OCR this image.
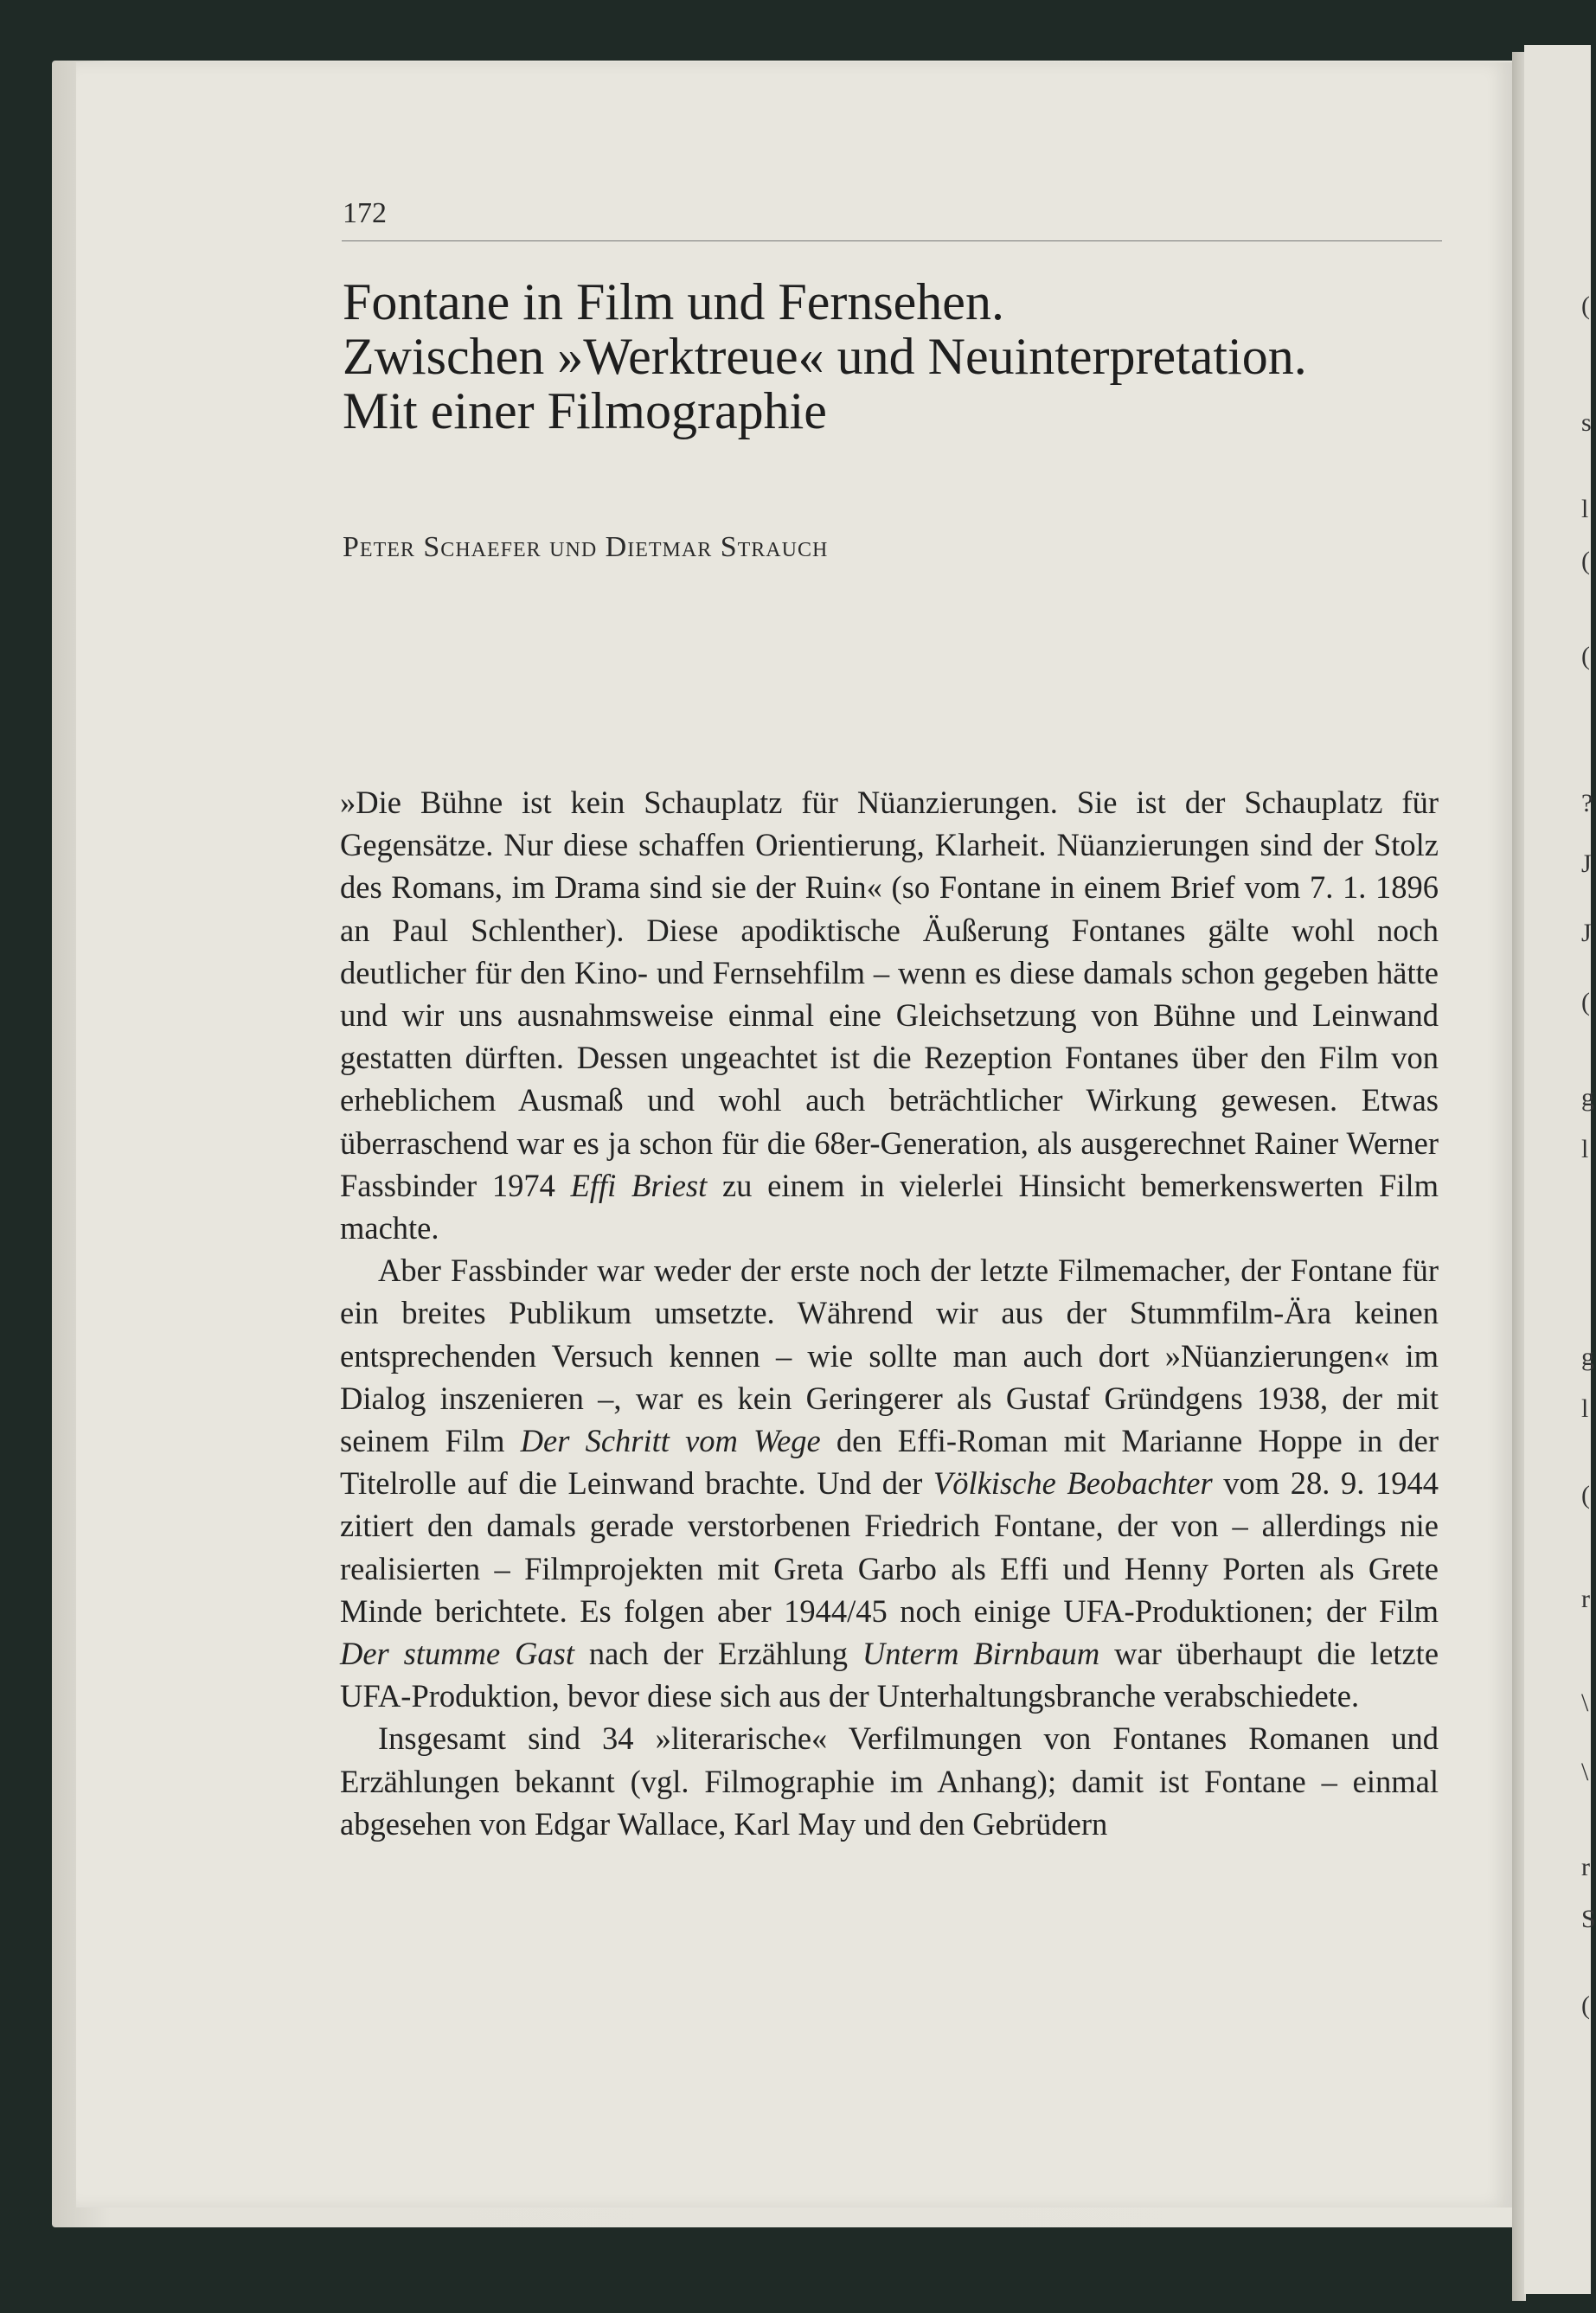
(
s
l
(
(
?
J
J
(
g
l
g
l
(
r
\
\
r
S
(
172
Fontane in Film und Fernsehen.
Zwischen »Werktreue« und Neuinterpretation.
Mit einer Filmographie
Peter Schaefer und Dietmar Strauch

»Die Bühne ist kein Schauplatz für Nüanzierungen. Sie ist der Schauplatz für Gegensätze. Nur diese schaffen Orientierung, Klarheit. Nüanzierungen sind der Stolz des Romans, im Drama sind sie der Ruin« (so Fontane in einem Brief vom 7. 1. 1896 an Paul Schlenther). Diese apodiktische Äußerung Fontanes gälte wohl noch deutlicher für den Kino- und Fernsehfilm – wenn es diese damals schon gegeben hätte und wir uns ausnahmsweise einmal eine Gleichsetzung von Bühne und Leinwand gestatten dürften. Dessen ungeachtet ist die Rezeption Fontanes über den Film von erheblichem Ausmaß und wohl auch beträchtlicher Wirkung gewesen. Etwas überraschend war es ja schon für die 68er-Generation, als ausgerechnet Rainer Werner Fassbinder 1974 Effi Briest zu einem in vielerlei Hinsicht bemerkenswerten Film machte.

Aber Fassbinder war weder der erste noch der letzte Filmemacher, der Fontane für ein breites Publikum umsetzte. Während wir aus der Stummfilm-Ära keinen entsprechenden Versuch kennen – wie sollte man auch dort »Nüanzierungen« im Dialog inszenieren –, war es kein Geringerer als Gustaf Gründgens 1938, der mit seinem Film Der Schritt vom Wege den Effi-Roman mit Marianne Hoppe in der Titelrolle auf die Leinwand brachte. Und der Völkische Beobachter vom 28. 9. 1944 zitiert den damals gerade verstorbenen Friedrich Fontane, der von – allerdings nie realisierten – Filmprojekten mit Greta Garbo als Effi und Henny Porten als Grete Minde berichtete. Es folgen aber 1944/45 noch einige UFA-Produktionen; der Film Der stumme Gast nach der Erzählung Unterm Birnbaum war überhaupt die letzte UFA-Produktion, bevor diese sich aus der Unterhaltungsbranche verabschiedete.

Insgesamt sind 34 »literarische« Verfilmungen von Fontanes Romanen und Erzählungen bekannt (vgl. Filmographie im Anhang); damit ist Fontane – einmal abgesehen von Edgar Wallace, Karl May und den Gebrüdern
